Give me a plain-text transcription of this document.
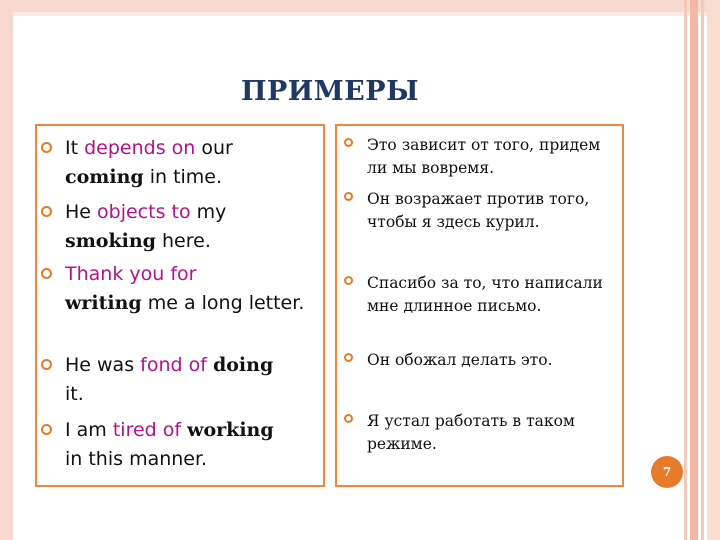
ПРИМЕРЫ
It depends on our
coming in time.
He objects to my
smoking here.
Thank you for
writing me a long letter.
He was fond of doing
it.
I am tired of working
in this manner.
Это зависит от того, придем ли мы вовремя.
Он возражает против того, чтобы я здесь курил.
Спасибо за то, что написали мне длинное письмо.
Он обожал делать это.
Я устал работать в таком режиме.
7
